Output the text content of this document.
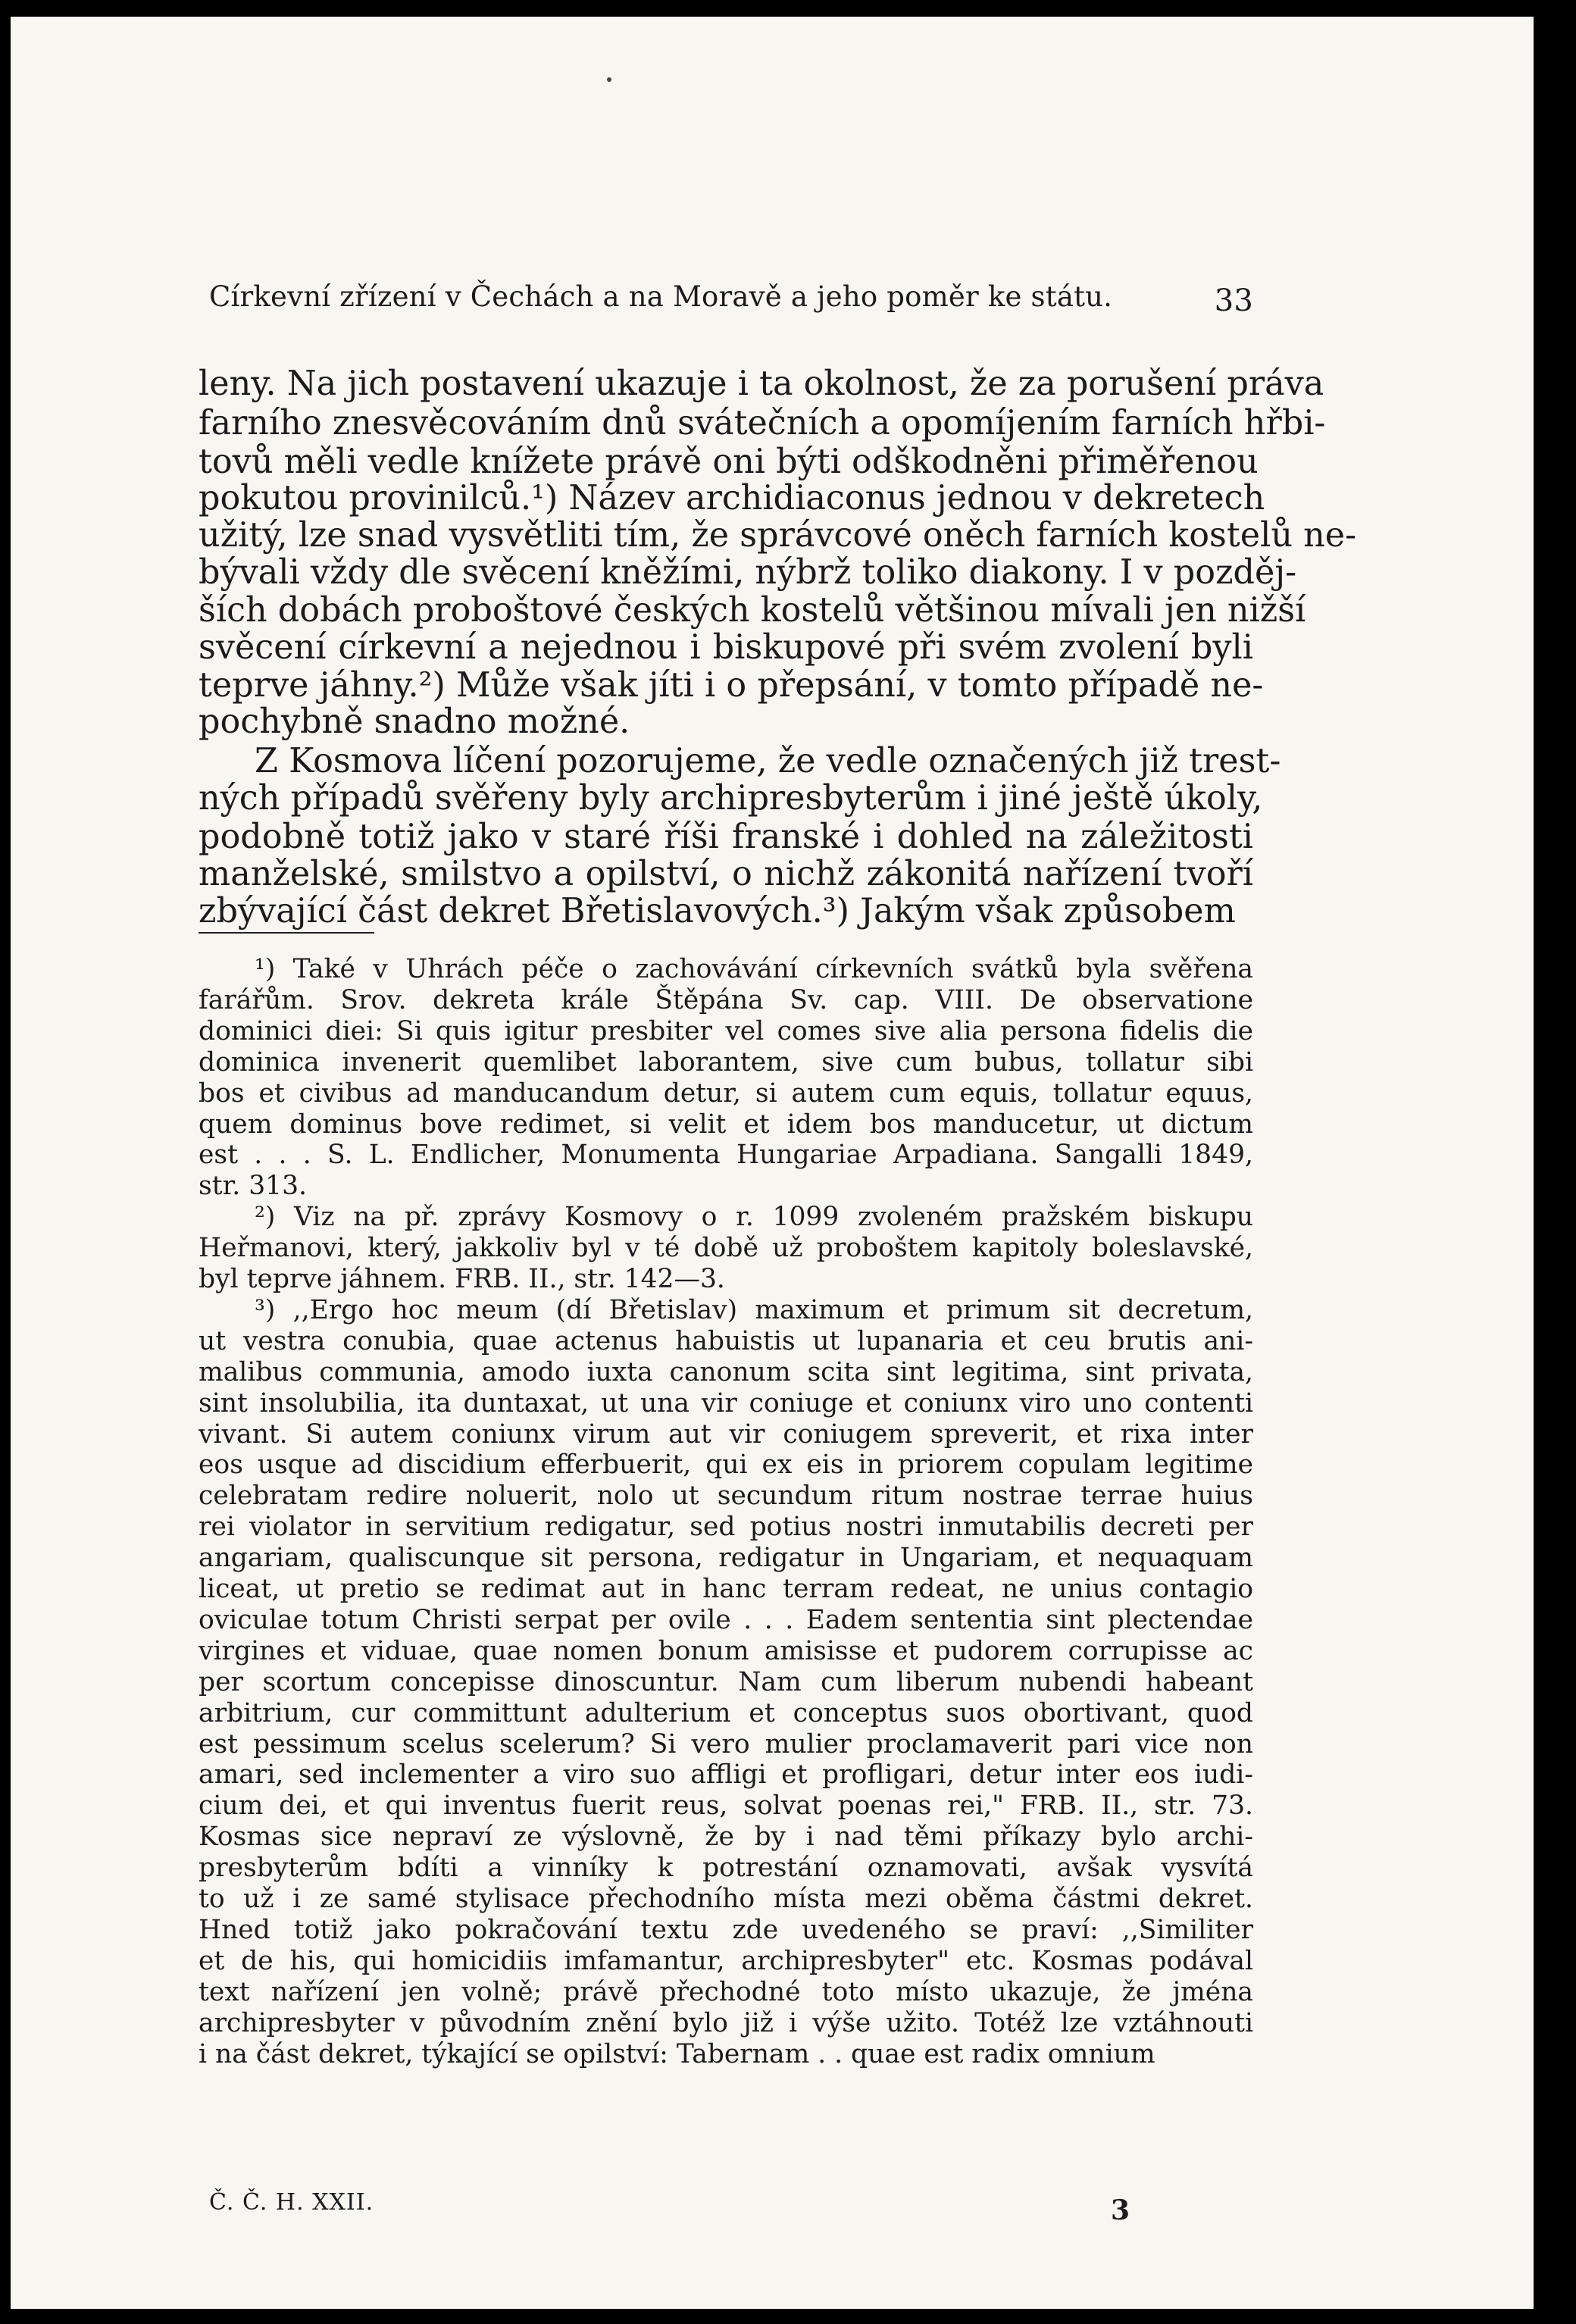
Církevní zřízení v Čechách a na Moravě a jeho poměr ke státu.	33
leny. Na jich postavení ukazuje i ta okolnost, že za porušení práva
farního znesvěcováním dnů svátečních a opomíjením farních hřbi-
tovů měli vedle knížete právě oni býti odškodněni přiměřenou
pokutou provinilců.¹) Název archidiaconus jednou v dekretech
užitý, lze snad vysvětliti tím, že správcové oněch farních kostelů ne-
bývali vždy dle svěcení kněžími, nýbrž toliko diakony. I v pozděj-
ších dobách proboštové českých kostelů většinou mívali jen nižší
svěcení církevní a nejednou i biskupové při svém zvolení byli
teprve jáhny.²) Může však jíti i o přepsání, v tomto případě ne-
pochybně snadno možné.
Z Kosmova líčení pozorujeme, že vedle označených již trest-
ných případů svěřeny byly archipresbyterům i jiné ještě úkoly,
podobně totiž jako v staré říši franské i dohled na záležitosti
manželské, smilstvo a opilství, o nichž zákonitá nařízení tvoří
zbývající část dekret Břetislavových.³) Jakým však způsobem
¹) Také v Uhrách péče o zachovávání církevních svátků byla svěřena
farářům. Srov. dekreta krále Štěpána Sv. cap. VIII. De observatione
dominici diei: Si quis igitur presbiter vel comes sive alia persona fidelis die
dominica invenerit quemlibet laborantem, sive cum bubus, tollatur sibi
bos et civibus ad manducandum detur, si autem cum equis, tollatur equus,
quem dominus bove redimet, si velit et idem bos manducetur, ut dictum
est . . . S. L. Endlicher, Monumenta Hungariae Arpadiana. Sangalli 1849,
str. 313.
²) Viz na př. zprávy Kosmovy o r. 1099 zvoleném pražském biskupu
Heřmanovi, který, jakkoliv byl v té době už proboštem kapitoly boleslavské,
byl teprve jáhnem. FRB. II., str. 142—3.
³) ,,Ergo hoc meum (dí Břetislav) maximum et primum sit decretum,
ut vestra conubia, quae actenus habuistis ut lupanaria et ceu brutis ani-
malibus communia, amodo iuxta canonum scita sint legitima, sint privata,
sint insolubilia, ita duntaxat, ut una vir coniuge et coniunx viro uno contenti
vivant. Si autem coniunx virum aut vir coniugem spreverit, et rixa inter
eos usque ad discidium efferbuerit, qui ex eis in priorem copulam legitime
celebratam redire noluerit, nolo ut secundum ritum nostrae terrae huius
rei violator in servitium redigatur, sed potius nostri inmutabilis decreti per
angariam, qualiscunque sit persona, redigatur in Ungariam, et nequaquam
liceat, ut pretio se redimat aut in hanc terram redeat, ne unius contagio
oviculae totum Christi serpat per ovile . . . Eadem sententia sint plectendae
virgines et viduae, quae nomen bonum amisisse et pudorem corrupisse ac
per scortum concepisse dinoscuntur. Nam cum liberum nubendi habeant
arbitrium, cur committunt adulterium et conceptus suos obortivant, quod
est pessimum scelus scelerum? Si vero mulier proclamaverit pari vice non
amari, sed inclementer a viro suo affligi et profligari, detur inter eos iudi-
cium dei, et qui inventus fuerit reus, solvat poenas rei," FRB. II., str. 73.
Kosmas sice nepraví ze výslovně, že by i nad těmi příkazy bylo archi-
presbyterům bdíti a vinníky k potrestání oznamovati, avšak vysvítá
to už i ze samé stylisace přechodního místa mezi oběma částmi dekret.
Hned totiž jako pokračování textu zde uvedeného se praví: ,,Similiter
et de his, qui homicidiis imfamantur, archipresbyter" etc. Kosmas podával
text nařízení jen volně; právě přechodné toto místo ukazuje, že jména
archipresbyter v původním znění bylo již i výše užito. Totéž lze vztáhnouti
i na část dekret, týkající se opilství: Tabernam . . quae est radix omnium
Č. Č. H. XXII.	3
